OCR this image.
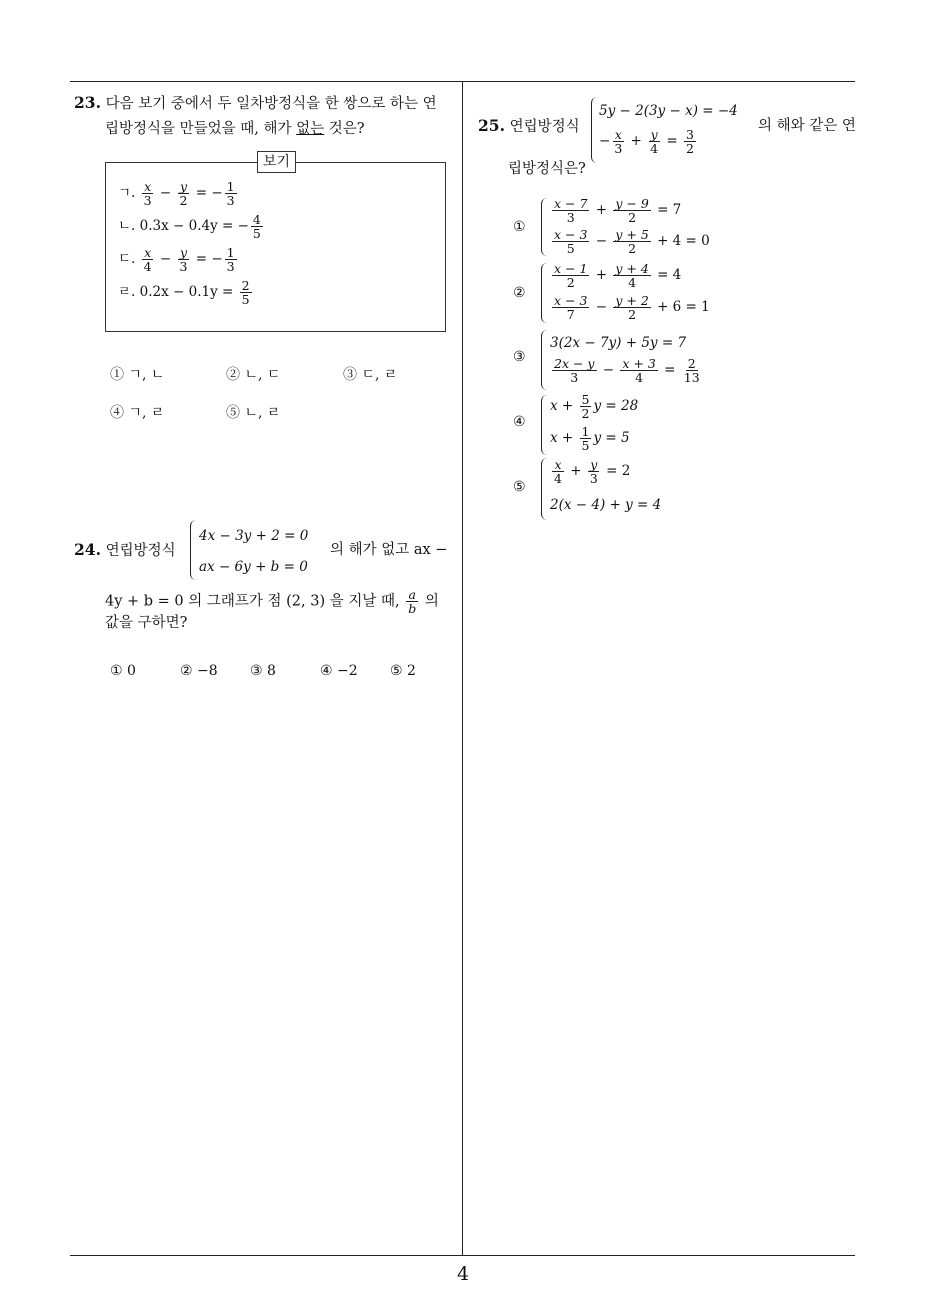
4
23. 다음 보기 중에서 두 일차방정식을 한 쌍으로 하는 연
립방정식을 만들었을 때, 해가 없는 것은?
보기
ㄱ. $\frac{x}{3} - \frac{y}{2}$ = − $\frac{1}{3}$
ㄴ. 0.3x − 0.4y = − $\frac{4}{5}$
ㄷ. $\frac{x}{4} - \frac{y}{3}$ = − $\frac{1}{3}$
ㄹ. $0.2x - 0.1y = \frac{2}{5}$
① ㄱ, ㄴ	② ㄴ, ㄷ	③ ㄷ, ㄹ
④ ㄱ, ㄹ	⑤ ㄴ, ㄹ
24. 연립방정식
4x − 3y + 2 = 0
ax − 6y + b = 0
의 해가 없고 ax −
4y + b = 0 의 그래프가 점 (2, 3) 을 지날 때, $\frac{a}{b}$ 의
값을 구하면?
① 0	② −8 ③ 8	④ −2 ⑤ 2
25. 연립방정식
5y − 2(3y − x) = −4
− $\frac{x}{3} + \frac{y}{4} = \frac{3}{2}$
의 해와 같은 연
립방정식은?
①
$\frac{x - 7}{3} + \frac{y - 9}{2} = 7$
$\frac{x - 3}{5} - \frac{y + 5}{2} + 4 = 0$
②
$\frac{x - 1}{2} + \frac{y + 4}{4} = 4$
$\frac{x - 3}{7} - \frac{y + 2}{2} + 6 = 1$
③
3(2x − 7y) + 5y = 7
$\frac{2x - y}{3} - \frac{x + 3}{4} = \frac{2}{13}$
④
$x + \frac{5}{2}$ y = 28
$x + \frac{1}{5}$ y = 5
⑤
$\frac{x}{4} + \frac{y}{3} = 2$
2(x − 4) + y = 4
